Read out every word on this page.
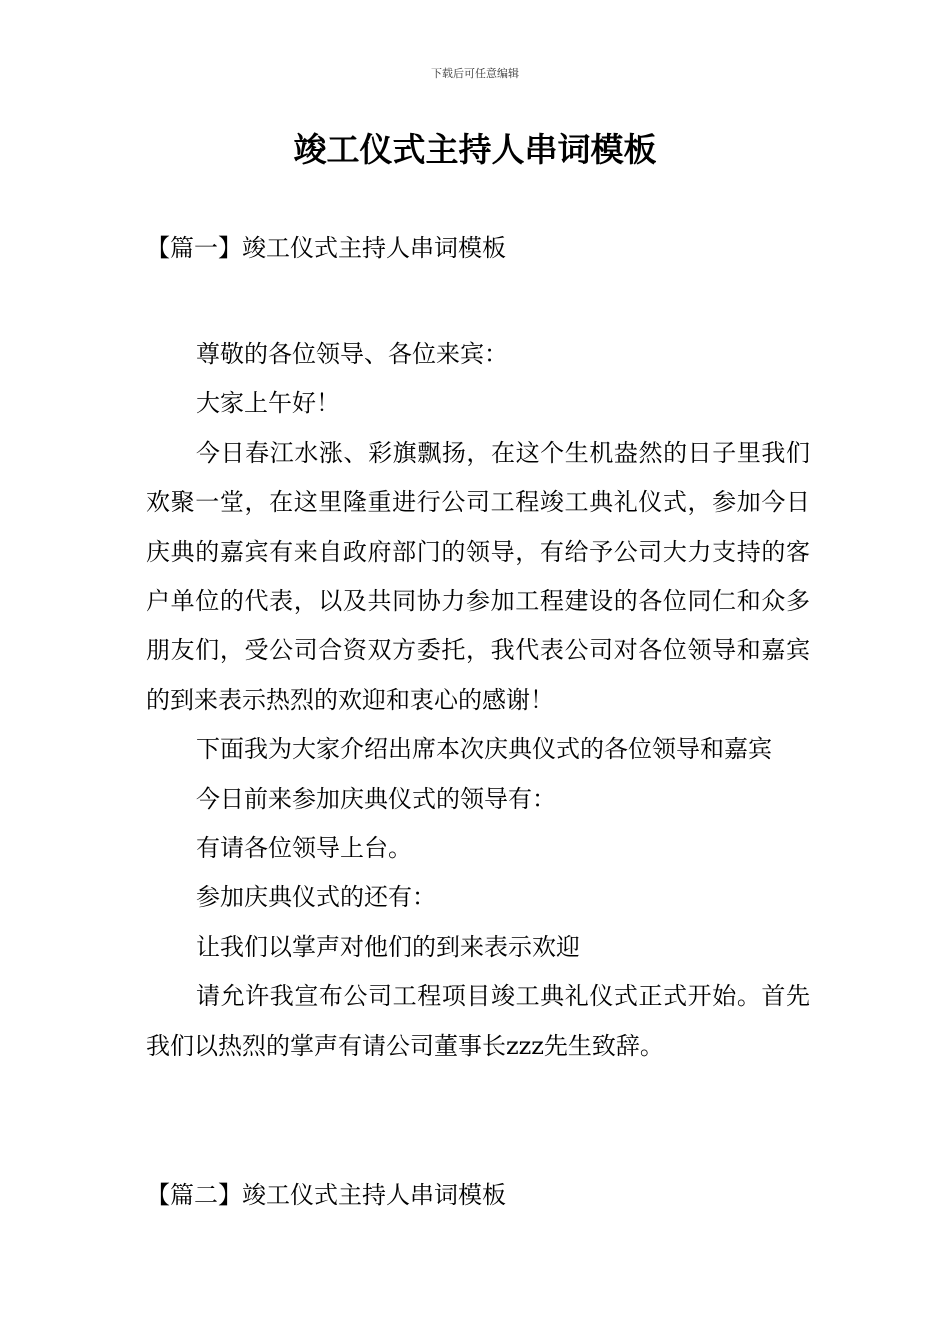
下载后可任意编辑
竣工仪式主持人串词模板
【篇一】竣工仪式主持人串词模板

尊敬的各位领导、各位来宾：

大家上午好！

今日春江水涨、彩旗飘扬，在这个生机盎然的日子里我们欢聚一堂，在这里隆重进行公司工程竣工典礼仪式，参加今日庆典的嘉宾有来自政府部门的领导，有给予公司大力支持的客户单位的代表，以及共同协力参加工程建设的各位同仁和众多朋友们，受公司合资双方委托，我代表公司对各位领导和嘉宾的到来表示热烈的欢迎和衷心的感谢！

下面我为大家介绍出席本次庆典仪式的各位领导和嘉宾

今日前来参加庆典仪式的领导有：

有请各位领导上台。

参加庆典仪式的还有：

让我们以掌声对他们的到来表示欢迎

请允许我宣布公司工程项目竣工典礼仪式正式开始。首先我们以热烈的掌声有请公司董事长zzz先生致辞。

【篇二】竣工仪式主持人串词模板
